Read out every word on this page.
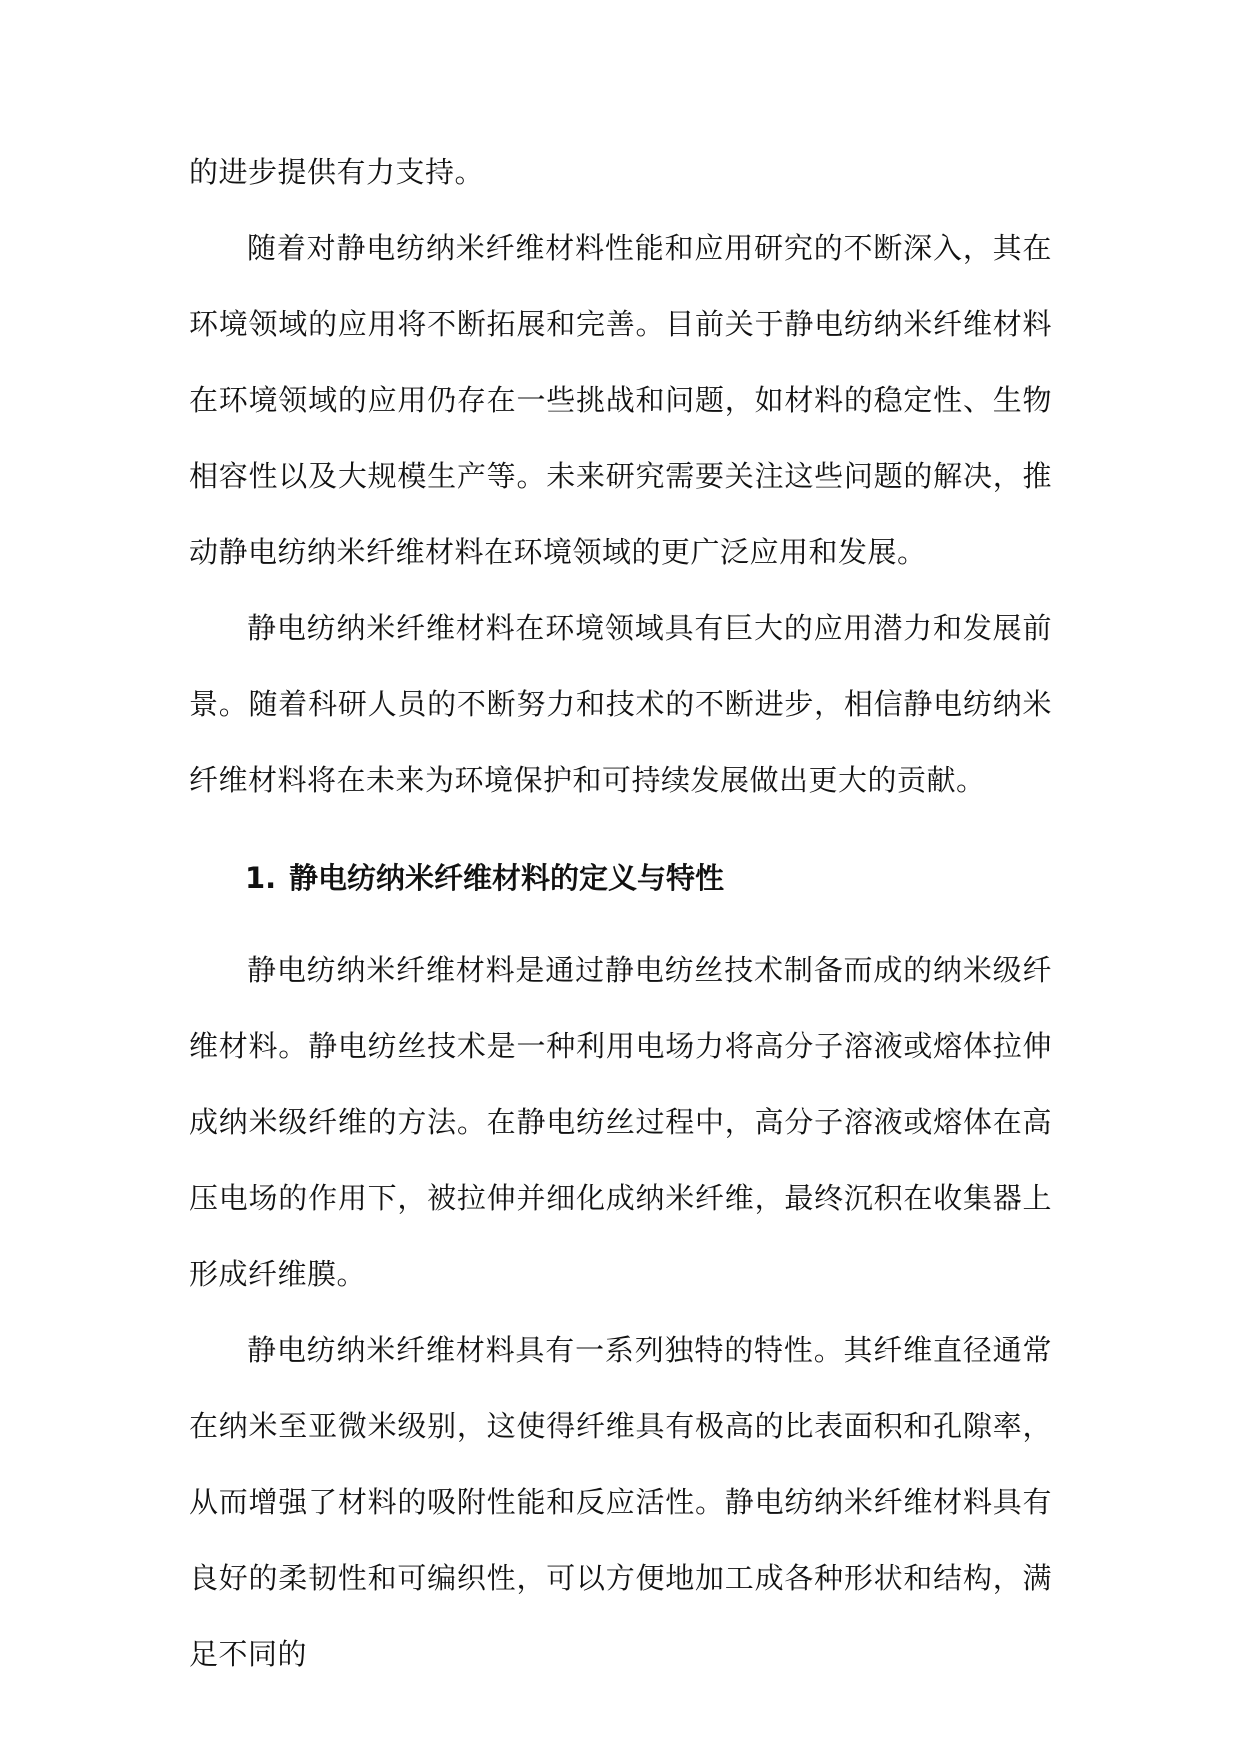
的进步提供有力支持。

随着对静电纺纳米纤维材料性能和应用研究的不断深入，其在环境领域的应用将不断拓展和完善。目前关于静电纺纳米纤维材料在环境领域的应用仍存在一些挑战和问题，如材料的稳定性、生物相容性以及大规模生产等。未来研究需要关注这些问题的解决，推动静电纺纳米纤维材料在环境领域的更广泛应用和发展。

静电纺纳米纤维材料在环境领域具有巨大的应用潜力和发展前景。随着科研人员的不断努力和技术的不断进步，相信静电纺纳米纤维材料将在未来为环境保护和可持续发展做出更大的贡献。

1. 静电纺纳米纤维材料的定义与特性

静电纺纳米纤维材料是通过静电纺丝技术制备而成的纳米级纤维材料。静电纺丝技术是一种利用电场力将高分子溶液或熔体拉伸成纳米级纤维的方法。在静电纺丝过程中，高分子溶液或熔体在高压电场的作用下，被拉伸并细化成纳米纤维，最终沉积在收集器上形成纤维膜。

静电纺纳米纤维材料具有一系列独特的特性。其纤维直径通常在纳米至亚微米级别，这使得纤维具有极高的比表面积和孔隙率，从而增强了材料的吸附性能和反应活性。静电纺纳米纤维材料具有良好的柔韧性和可编织性，可以方便地加工成各种形状和结构，满足不同的
